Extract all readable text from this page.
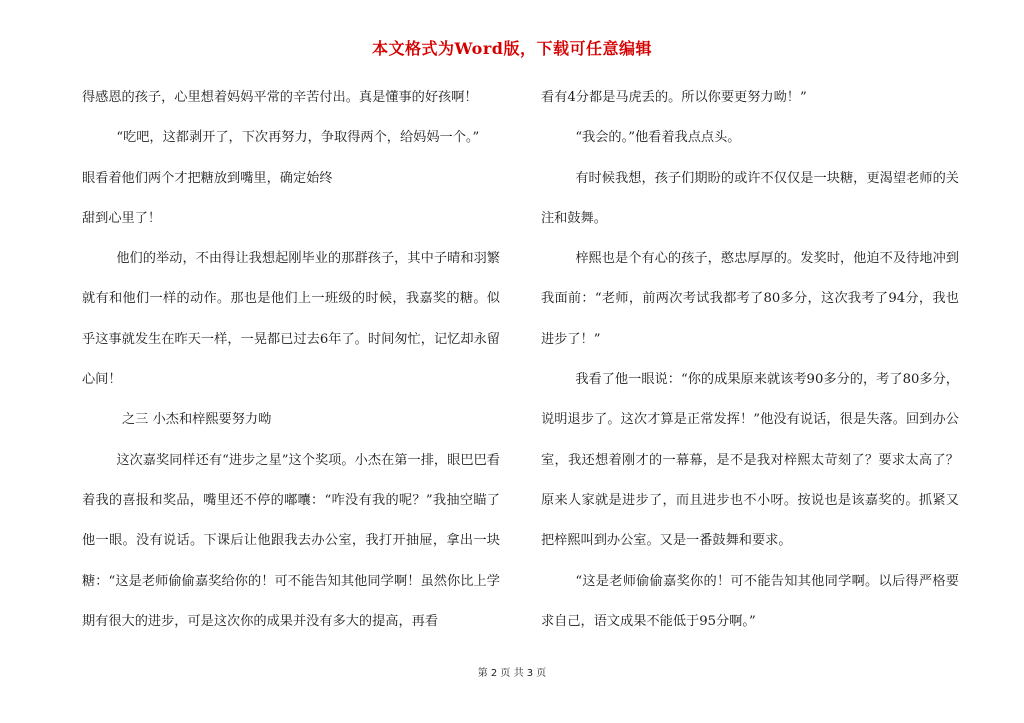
本文格式为Word版，下载可任意编辑

得感恩的孩子，心里想着妈妈平常的辛苦付出。真是懂事的好孩啊！

“吃吧，这都剥开了，下次再努力，争取得两个，给妈妈一个。”

眼看着他们两个才把糖放到嘴里，确定始终

甜到心里了！

他们的举动，不由得让我想起刚毕业的那群孩子，其中子晴和羽繁就有和他们一样的动作。那也是他们上一班级的时候，我嘉奖的糖。似乎这事就发生在昨天一样，一晃都已过去6年了。时间匆忙，记忆却永留心间！

之三 小杰和梓熙要努力呦

这次嘉奖同样还有“进步之星”这个奖项。小杰在第一排，眼巴巴看着我的喜报和奖品，嘴里还不停的嘟囔：“咋没有我的呢？”我抽空瞄了他一眼。没有说话。下课后让他跟我去办公室，我打开抽屉，拿出一块糖：“这是老师偷偷嘉奖给你的！可不能告知其他同学啊！虽然你比上学期有很大的进步，可是这次你的成果并没有多大的提高，再看

看有4分都是马虎丢的。所以你要更努力呦！”

“我会的。”他看着我点点头。

有时候我想，孩子们期盼的或许不仅仅是一块糖，更渴望老师的关注和鼓舞。

梓熙也是个有心的孩子，憨忠厚厚的。发奖时，他迫不及待地冲到我面前：“老师，前两次考试我都考了80多分，这次我考了94分，我也进步了！”

我看了他一眼说：“你的成果原来就该考90多分的，考了80多分，说明退步了。这次才算是正常发挥！”他没有说话，很是失落。回到办公室，我还想着刚才的一幕幕，是不是我对梓熙太苛刻了？要求太高了？原来人家就是进步了，而且进步也不小呀。按说也是该嘉奖的。抓紧又把梓熙叫到办公室。又是一番鼓舞和要求。

“这是老师偷偷嘉奖你的！可不能告知其他同学啊。以后得严格要求自己，语文成果不能低于95分啊。”

第 2 页 共 3 页
